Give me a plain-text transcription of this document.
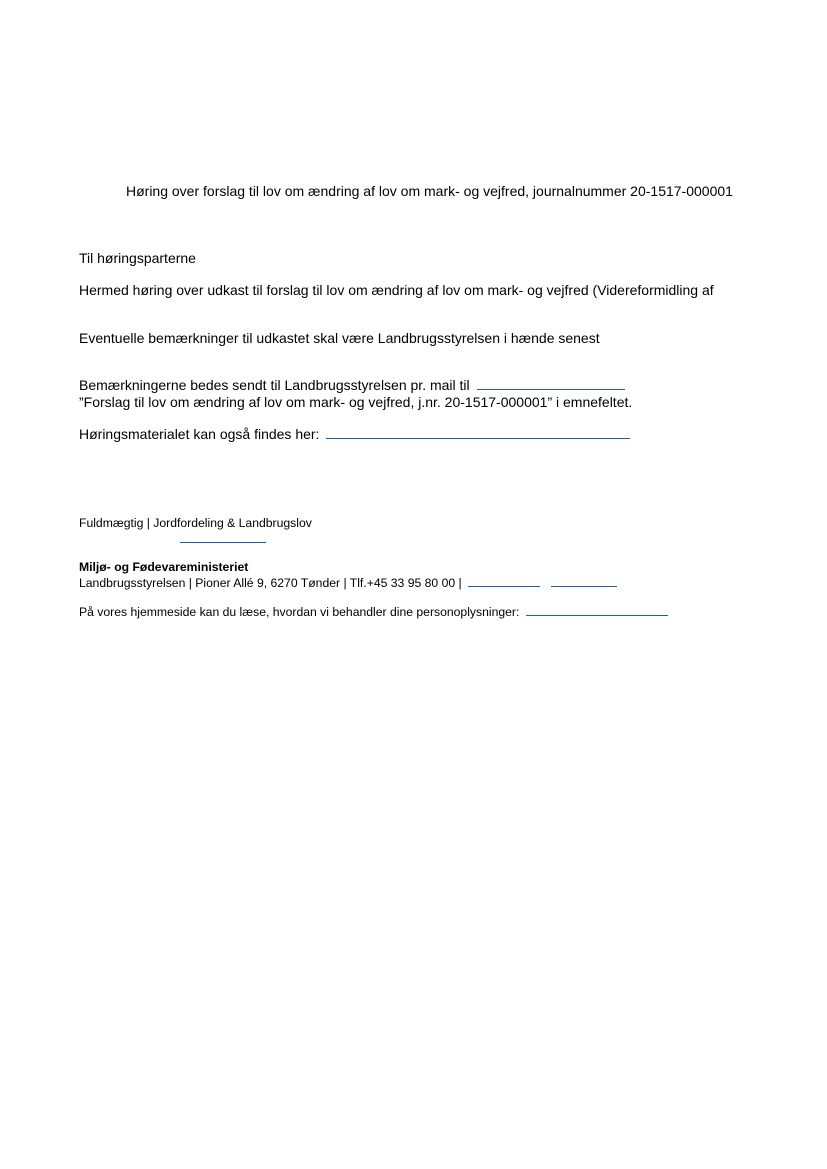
Høring over forslag til lov om ændring af lov om mark- og vejfred, journalnummer 20-1517-000001
Til høringsparterne
Hermed høring over udkast til forslag til lov om ændring af lov om mark- og vejfred (Videreformidling af
Eventuelle bemærkninger til udkastet skal være Landbrugsstyrelsen i hænde senest
Bemærkningerne bedes sendt til Landbrugsstyrelsen pr. mail til
”Forslag til lov om ændring af lov om mark- og vejfred, j.nr. 20-1517-000001” i emnefeltet.
Høringsmaterialet kan også findes her:
Fuldmægtig | Jordfordeling & Landbrugslov
Miljø- og Fødevareministeriet
Landbrugsstyrelsen | Pioner Allé 9, 6270 Tønder | Tlf.+45 33 95 80 00 |
På vores hjemmeside kan du læse, hvordan vi behandler dine personoplysninger:
